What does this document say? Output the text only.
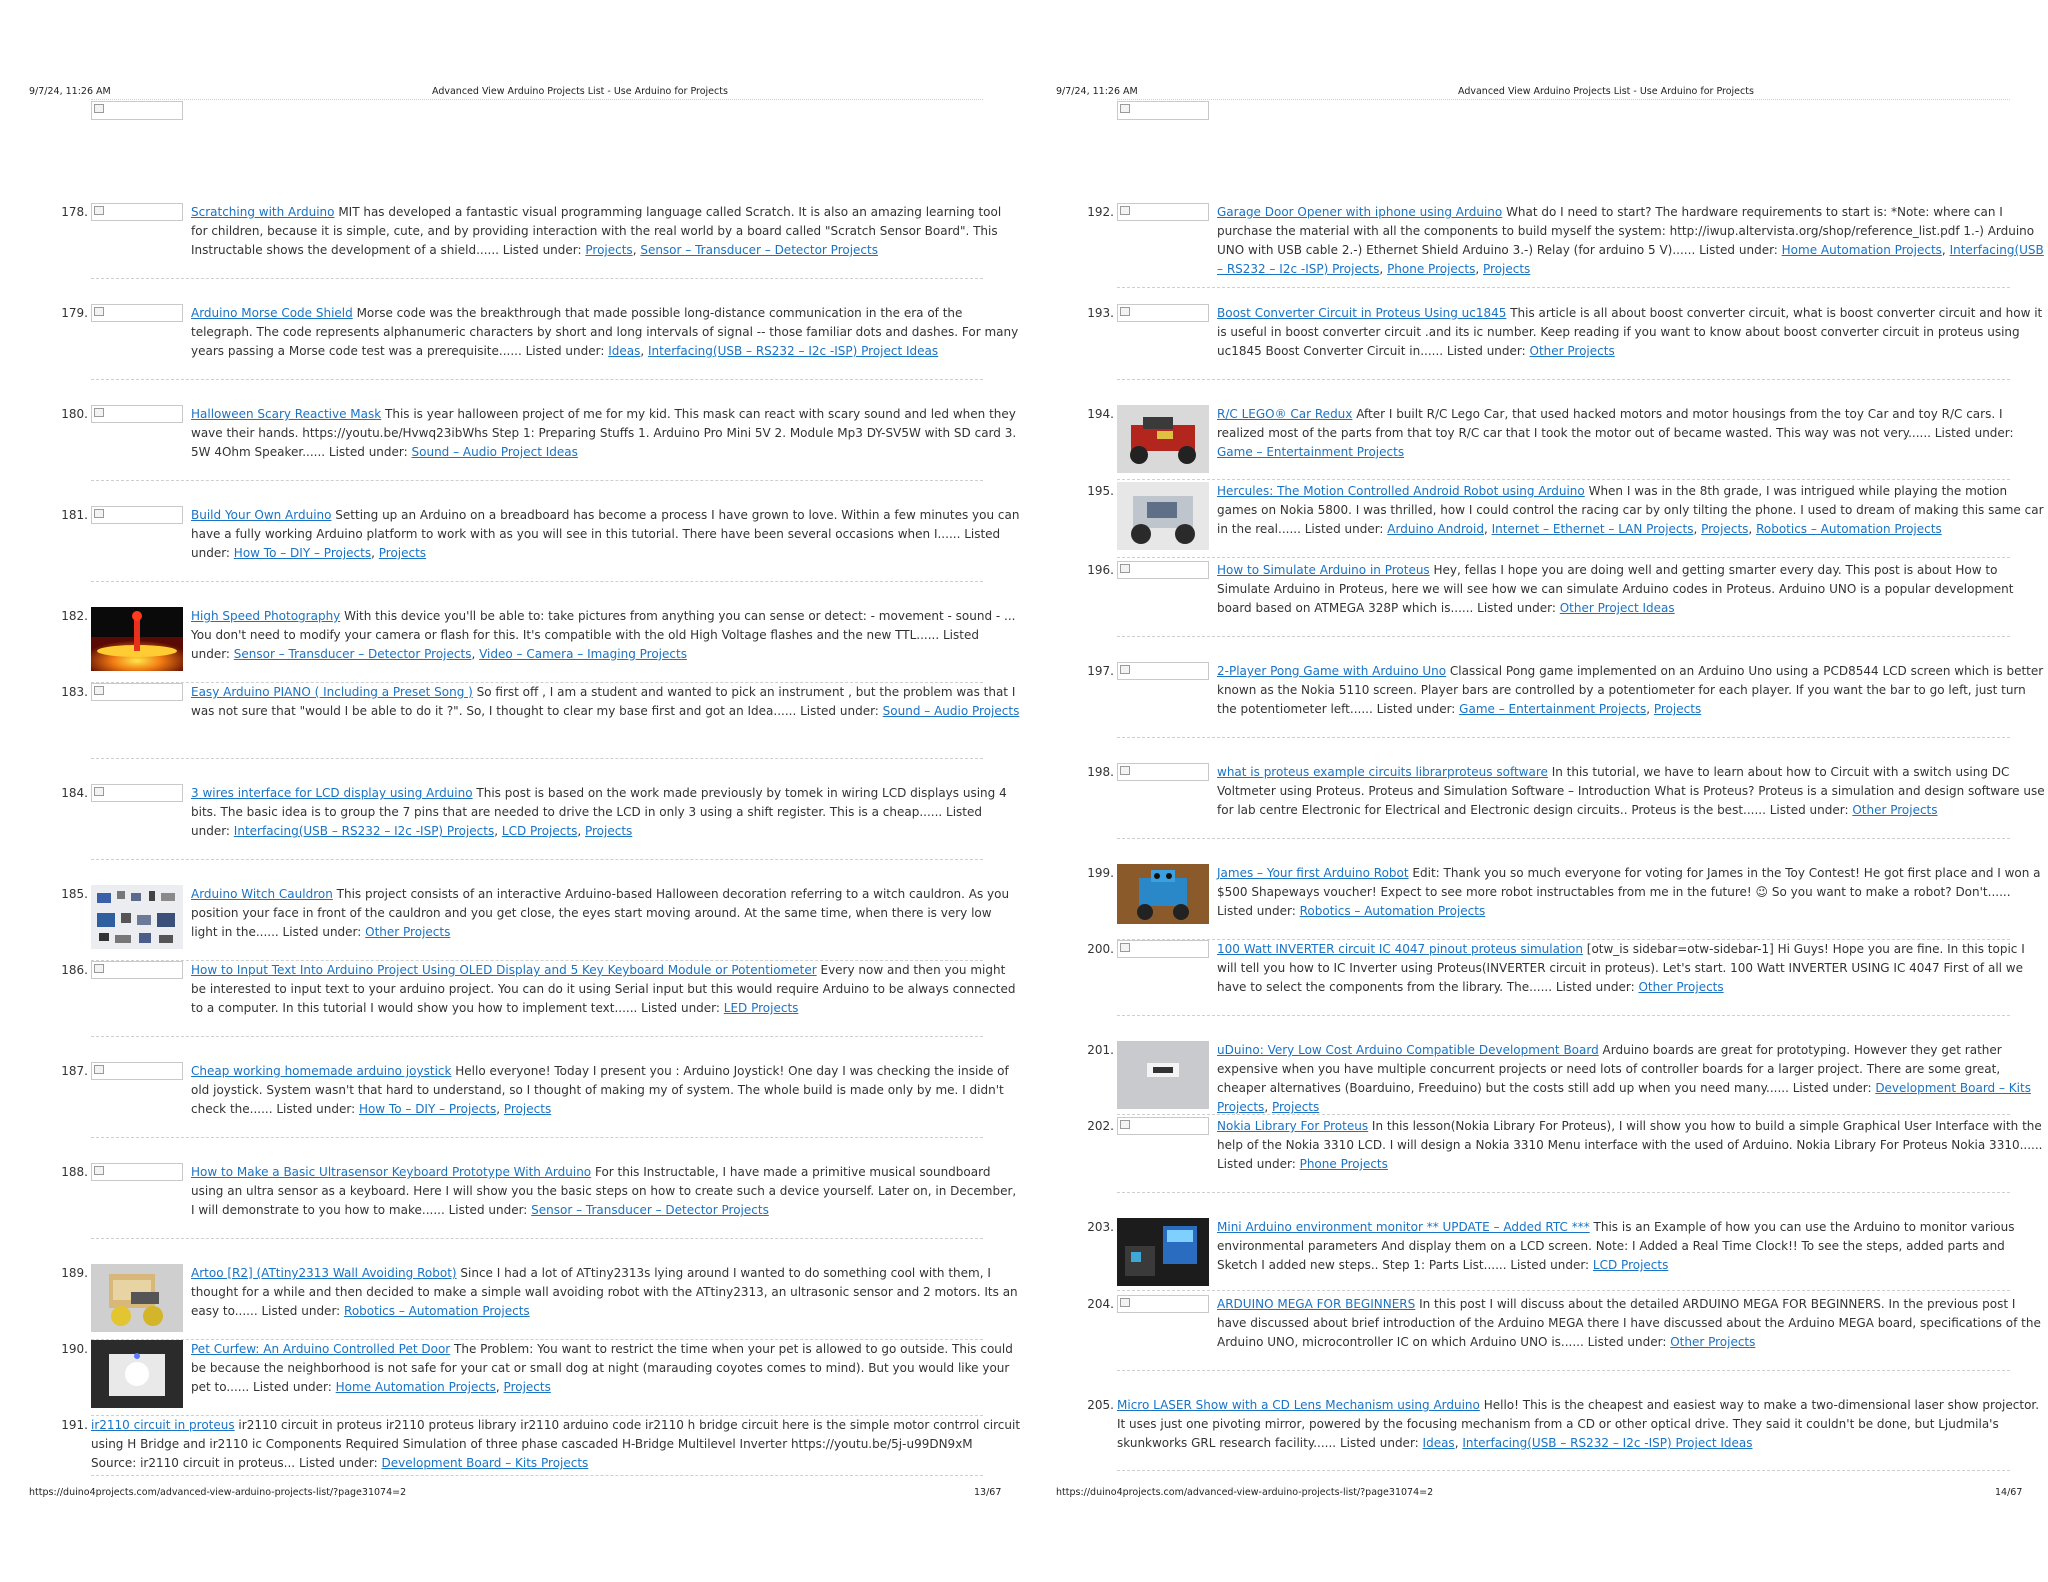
9/7/24, 11:26 AM	Advanced View Arduino Projects List - Use Arduino for Projects
178.	Scratching with Arduino MIT has developed a fantastic visual programming language called Scratch. It is also an amazing learning tool for children, because it is simple, cute, and by providing interaction with the real world by a board called "Scratch Sensor Board". This Instructable shows the development of a shield...... Listed under: Projects, Sensor – Transducer – Detector Projects
179.	Arduino Morse Code Shield Morse code was the breakthrough that made possible long-distance communication in the era of the telegraph. The code represents alphanumeric characters by short and long intervals of signal -- those familiar dots and dashes. For many years passing a Morse code test was a prerequisite...... Listed under: Ideas, Interfacing(USB – RS232 – I2c -ISP) Project Ideas
180.	Halloween Scary Reactive Mask This is year halloween project of me for my kid. This mask can react with scary sound and led when they wave their hands. https://youtu.be/Hvwq23ibWhs Step 1: Preparing Stuffs 1. Arduino Pro Mini 5V 2. Module Mp3 DY-SV5W with SD card 3. 5W 4Ohm Speaker...... Listed under: Sound – Audio Project Ideas
181.	Build Your Own Arduino Setting up an Arduino on a breadboard has become a process I have grown to love. Within a few minutes you can have a fully working Arduino platform to work with as you will see in this tutorial. There have been several occasions when I...... Listed under: How To – DIY – Projects, Projects
182.	High Speed Photography With this device you'll be able to: take pictures from anything you can sense or detect: - movement - sound - ... You don't need to modify your camera or flash for this. It's compatible with the old High Voltage flashes and the new TTL...... Listed under: Sensor – Transducer – Detector Projects, Video – Camera – Imaging Projects
183.	Easy Arduino PIANO ( Including a Preset Song ) So first off , I am a student and wanted to pick an instrument , but the problem was that I was not sure that "would I be able to do it ?". So, I thought to clear my base first and got an Idea...... Listed under: Sound – Audio Projects
184.	3 wires interface for LCD display using Arduino This post is based on the work made previously by tomek in wiring LCD displays using 4 bits. The basic idea is to group the 7 pins that are needed to drive the LCD in only 3 using a shift register. This is a cheap...... Listed under: Interfacing(USB – RS232 – I2c -ISP) Projects, LCD Projects, Projects
185.	Arduino Witch Cauldron This project consists of an interactive Arduino-based Halloween decoration referring to a witch cauldron. As you position your face in front of the cauldron and you get close, the eyes start moving around. At the same time, when there is very low light in the...... Listed under: Other Projects
186.	How to Input Text Into Arduino Project Using OLED Display and 5 Key Keyboard Module or Potentiometer Every now and then you might be interested to input text to your arduino project. You can do it using Serial input but this would require Arduino to be always connected to a computer. In this tutorial I would show you how to implement text...... Listed under: LED Projects
187.	Cheap working homemade arduino joystick Hello everyone! Today I present you : Arduino Joystick! One day I was checking the inside of old joystick. System wasn't that hard to understand, so I thought of making my of system. The whole build is made only by me. I didn't check the...... Listed under: How To – DIY – Projects, Projects
188.	How to Make a Basic Ultrasensor Keyboard Prototype With Arduino For this Instructable, I have made a primitive musical soundboard using an ultra sensor as a keyboard. Here I will show you the basic steps on how to create such a device yourself. Later on, in December, I will demonstrate to you how to make...... Listed under: Sensor – Transducer – Detector Projects
189.	Artoo [R2] (ATtiny2313 Wall Avoiding Robot) Since I had a lot of ATtiny2313s lying around I wanted to do something cool with them, I thought for a while and then decided to make a simple wall avoiding robot with the ATtiny2313, an ultrasonic sensor and 2 motors. Its an easy to...... Listed under: Robotics – Automation Projects
190.	Pet Curfew: An Arduino Controlled Pet Door The Problem: You want to restrict the time when your pet is allowed to go outside. This could be because the neighborhood is not safe for your cat or small dog at night (marauding coyotes comes to mind). But you would like your pet to...... Listed under: Home Automation Projects, Projects
191. ir2110 circuit in proteus ir2110 circuit in proteus ir2110 proteus library ir2110 arduino code ir2110 h bridge circuit here is the simple motor contrrol circuit using H Bridge and ir2110 ic Components Required Simulation of three phase cascaded H-Bridge Multilevel Inverter https://youtu.be/5j-u99DN9xM Source: ir2110 circuit in proteus... Listed under: Development Board – Kits Projects
https://duino4projects.com/advanced-view-arduino-projects-list/?page31074=2	13/67
9/7/24, 11:26 AM	Advanced View Arduino Projects List - Use Arduino for Projects
192.	Garage Door Opener with iphone using Arduino What do I need to start? The hardware requirements to start is: *Note: where can I purchase the material with all the components to build myself the system: http://iwup.altervista.org/shop/reference_list.pdf 1.-) Arduino UNO with USB cable 2.-) Ethernet Shield Arduino 3.-) Relay (for arduino 5 V)...... Listed under: Home Automation Projects, Interfacing(USB – RS232 – I2c -ISP) Projects, Phone Projects, Projects
193.	Boost Converter Circuit in Proteus Using uc1845 This article is all about boost converter circuit, what is boost converter circuit and how it is useful in boost converter circuit .and its ic number. Keep reading if you want to know about boost converter circuit in proteus using uc1845 Boost Converter Circuit in...... Listed under: Other Projects
194.	R/C LEGO® Car Redux After I built R/C Lego Car, that used hacked motors and motor housings from the toy Car and toy R/C cars. I realized most of the parts from that toy R/C car that I took the motor out of became wasted. This way was not very...... Listed under: Game – Entertainment Projects
195.	Hercules: The Motion Controlled Android Robot using Arduino When I was in the 8th grade, I was intrigued while playing the motion games on Nokia 5800. I was thrilled, how I could control the racing car by only tilting the phone. I used to dream of making this same car in the real...... Listed under: Arduino Android, Internet – Ethernet – LAN Projects, Projects, Robotics – Automation Projects
196.	How to Simulate Arduino in Proteus Hey, fellas I hope you are doing well and getting smarter every day. This post is about How to Simulate Arduino in Proteus, here we will see how we can simulate Arduino codes in Proteus. Arduino UNO is a popular development board based on ATMEGA 328P which is...... Listed under: Other Project Ideas
197.	2-Player Pong Game with Arduino Uno Classical Pong game implemented on an Arduino Uno using a PCD8544 LCD screen which is better known as the Nokia 5110 screen. Player bars are controlled by a potentiometer for each player. If you want the bar to go left, just turn the potentiometer left...... Listed under: Game – Entertainment Projects, Projects
198.	what is proteus example circuits librarproteus software In this tutorial, we have to learn about how to Circuit with a switch using DC Voltmeter using Proteus. Proteus and Simulation Software – Introduction What is Proteus? Proteus is a simulation and design software use for lab centre Electronic for Electrical and Electronic design circuits.. Proteus is the best...... Listed under: Other Projects
199.	James – Your first Arduino Robot Edit: Thank you so much everyone for voting for James in the Toy Contest! He got first place and I won a $500 Shapeways voucher! Expect to see more robot instructables from me in the future! 😉 So you want to make a robot? Don't...... Listed under: Robotics – Automation Projects
200.	100 Watt INVERTER circuit IC 4047 pinout proteus simulation [otw_is sidebar=otw-sidebar-1] Hi Guys! Hope you are fine. In this topic I will tell you how to IC Inverter using Proteus(INVERTER circuit in proteus). Let's start. 100 Watt INVERTER USING IC 4047 First of all we have to select the components from the library. The...... Listed under: Other Projects
201.	uDuino: Very Low Cost Arduino Compatible Development Board Arduino boards are great for prototyping. However they get rather expensive when you have multiple concurrent projects or need lots of controller boards for a larger project. There are some great, cheaper alternatives (Boarduino, Freeduino) but the costs still add up when you need many...... Listed under: Development Board – Kits Projects, Projects
202.	Nokia Library For Proteus In this lesson(Nokia Library For Proteus), I will show you how to build a simple Graphical User Interface with the help of the Nokia 3310 LCD. I will design a Nokia 3310 Menu interface with the used of Arduino. Nokia Library For Proteus Nokia 3310...... Listed under: Phone Projects
203.	Mini Arduino environment monitor ** UPDATE – Added RTC *** This is an Example of how you can use the Arduino to monitor various environmental parameters And display them on a LCD screen. Note: I Added a Real Time Clock!! To see the steps, added parts and Sketch I added new steps.. Step 1: Parts List...... Listed under: LCD Projects
204.	ARDUINO MEGA FOR BEGINNERS In this post I will discuss about the detailed ARDUINO MEGA FOR BEGINNERS. In the previous post I have discussed about brief introduction of the Arduino MEGA there I have discussed about the Arduino MEGA board, specifications of the Arduino UNO, microcontroller IC on which Arduino UNO is...... Listed under: Other Projects
205. Micro LASER Show with a CD Lens Mechanism using Arduino Hello! This is the cheapest and easiest way to make a two-dimensional laser show projector. It uses just one pivoting mirror, powered by the focusing mechanism from a CD or other optical drive. They said it couldn't be done, but Ljudmila's skunkworks GRL research facility...... Listed under: Ideas, Interfacing(USB – RS232 – I2c -ISP) Project Ideas
https://duino4projects.com/advanced-view-arduino-projects-list/?page31074=2	14/67
